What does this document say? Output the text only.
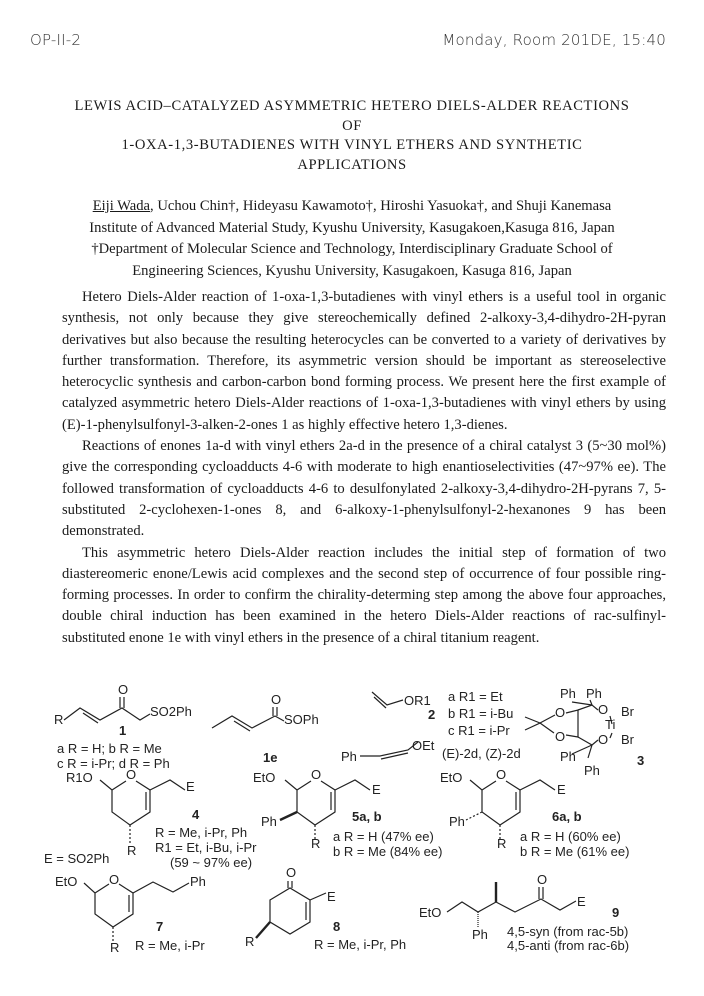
OP-II-2	Monday, Room 201DE, 15:40
LEWIS ACID–CATALYZED ASYMMETRIC HETERO DIELS-ALDER REACTIONS
OF
1-OXA-1,3-BUTADIENES WITH VINYL ETHERS AND SYNTHETIC
APPLICATIONS
Eiji Wada, Uchou Chin†, Hideyasu Kawamoto†, Hiroshi Yasuoka†, and Shuji Kanemasa
Institute of Advanced Material Study, Kyushu University, Kasugakoen,Kasuga 816, Japan
†Department of Molecular Science and Technology, Interdisciplinary Graduate School of
Engineering Sciences, Kyushu University, Kasugakoen, Kasuga 816, Japan

Hetero Diels-Alder reaction of 1-oxa-1,3-butadienes with vinyl ethers is a useful tool in organic synthesis, not only because they give stereochemically defined 2-alkoxy-3,4-dihydro-2H-pyran derivatives but also because the resulting heterocycles can be converted to a variety of derivatives by further transformation. Therefore, its asymmetric version should be important as stereoselective heterocyclic synthesis and carbon-carbon bond forming process. We present here the first example of catalyzed asymmetric hetero Diels-Alder reactions of 1-oxa-1,3-butadienes with vinyl ethers by using (E)-1-phenylsulfonyl-3-alken-2-ones 1 as highly effective hetero 1,3-dienes.

Reactions of enones 1a-d with vinyl ethers 2a-d in the presence of a chiral catalyst 3 (5~30 mol%) give the corresponding cycloadducts 4-6 with moderate to high enantioselectivities (47~97% ee). The followed transformation of cycloadducts 4-6 to desulfonylated 2-alkoxy-3,4-dihydro-2H-pyrans 7, 5-substituted 2-cyclohexen-1-ones 8, and 6-alkoxy-1-phenylsulfonyl-2-hexanones 9 has been demonstrated.

This asymmetric hetero Diels-Alder reaction includes the initial step of formation of two diastereomeric enone/Lewis acid complexes and the second step of occurrence of four possible ring-forming processes. In order to confirm the chirality-determing step among the above four approaches, double chiral induction has been examined in the hetero Diels-Alder reactions of rac-sulfinyl-substituted enone 1e with vinyl ethers in the presence of a chiral titanium reagent.

O
SO2Ph
R
1
a R = H; b R = Me
c R = i-Pr; d R = Ph
O
SOPh
1e
OR1
2
a R1 = Et
b R1 = i-Bu
c R1 = i-Pr
OEt
Ph	(E)-2d, (Z)-2d
Ph Ph
O
O
O
O
Ti
Br
Br
Ph
Ph
3
R1O	O
E
4
R
R = Me, i-Pr, Ph
R1 = Et, i-Bu, i-Pr
(59 ~ 97% ee)
E = SO2Ph
EtO	O
E
5a, b
Ph
R a R = H (47% ee)
b R = Me (84% ee)
EtO	O
E
6a, b
Ph
R a R = H (60% ee)
b R = Me (61% ee)
EtO O	Ph
7
R R = Me, i-Pr
O
E
8
R	R = Me, i-Pr, Ph
O
E
EtO
Ph
9
4,5-syn (from rac-5b)
4,5-anti (from rac-6b)
